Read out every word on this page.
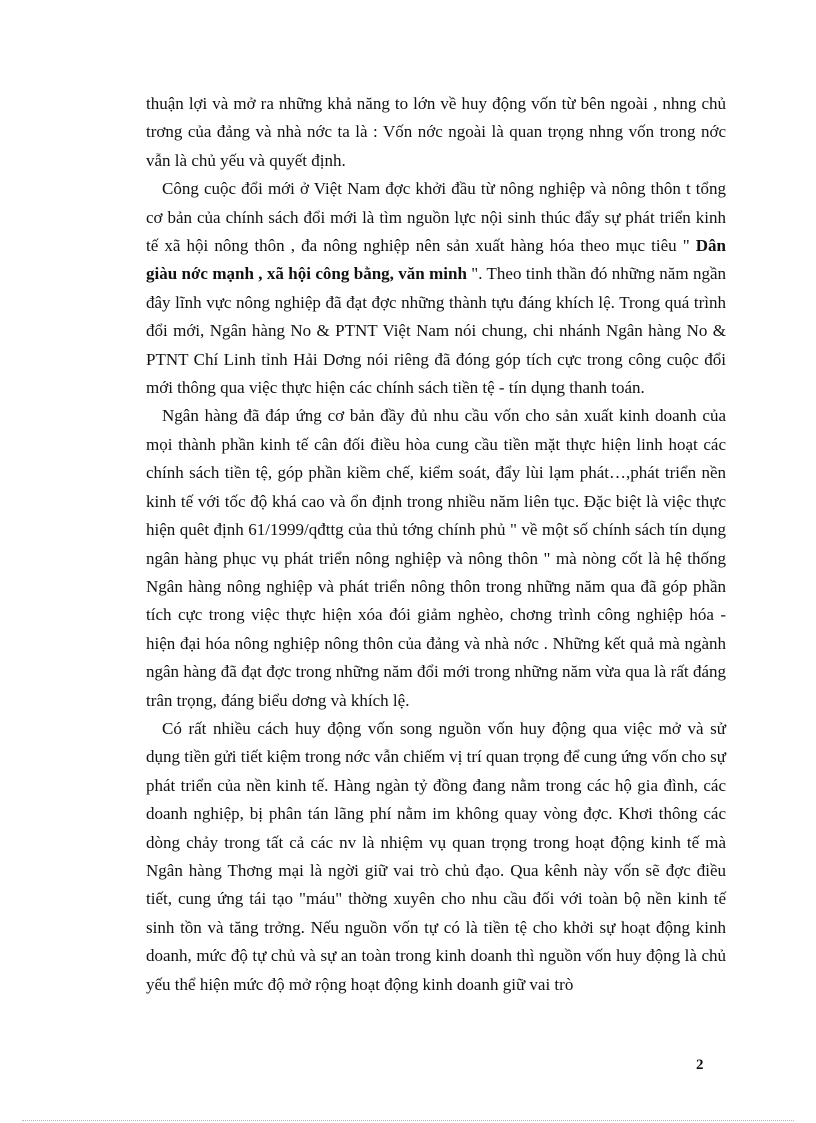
thuận lợi và mở ra những khả năng to lớn về huy động vốn từ bên ngoài , nhng chủ trơng của đảng và nhà nớc ta là : Vốn nớc ngoài là quan trọng nhng vốn trong nớc vẫn là chủ yếu và quyết định.

Công cuộc đổi mới ở Việt Nam đợc khởi đầu từ nông nghiệp và nông thôn t tổng cơ bản của chính sách đổi mới là tìm nguồn lực nội sinh thúc đẩy sự phát triển kinh tế xã hội nông thôn , đa nông nghiệp nên sản xuất hàng hóa theo mục tiêu " Dân giàu nớc mạnh , xã hội công bằng, văn minh ". Theo tinh thần đó những năm ngần đây lĩnh vực nông nghiệp đã đạt đợc những thành tựu đáng khích lệ. Trong quá trình đổi mới, Ngân hàng No & PTNT Việt Nam nói chung, chi nhánh Ngân hàng No & PTNT Chí Linh tỉnh Hải Dơng nói riêng đã đóng góp tích cực trong công cuộc đổi mới thông qua việc thực hiện các chính sách tiền tệ - tín dụng thanh toán.

Ngân hàng đã đáp ứng cơ bản đầy đủ nhu cầu vốn cho sản xuất kinh doanh của mọi thành phần kinh tế cân đối điều hòa cung cầu tiền mặt thực hiện linh hoạt các chính sách tiền tệ, góp phần kiềm chế, kiểm soát, đẩy lùi lạm phát…,phát triển nền kinh tế với tốc độ khá cao và ổn định trong nhiều năm liên tục. Đặc biệt là việc thực hiện quêt định 61/1999/qđttg của thủ tớng chính phủ " về một số chính sách tín dụng ngân hàng phục vụ phát triển nông nghiệp và nông thôn " mà nòng cốt là hệ thống Ngân hàng nông nghiệp và phát triển nông thôn trong những năm qua đã góp phần tích cực trong việc thực hiện xóa đói giảm nghèo, chơng trình công nghiệp hóa - hiện đại hóa nông nghiệp nông thôn của đảng và nhà nớc . Những kết quả mà ngành ngân hàng đã đạt đợc trong những năm đổi mới trong những năm vừa qua là rất đáng trân trọng, đáng biểu dơng và khích lệ.

Có rất nhiều cách huy động vốn song nguồn vốn huy động qua việc mở và sử dụng tiền gửi tiết kiệm trong nớc vẫn chiếm vị trí quan trọng để cung ứng vốn cho sự phát triển của nền kinh tế. Hàng ngàn tỷ đồng đang nằm trong các hộ gia đình, các doanh nghiệp, bị phân tán lãng phí nằm im không quay vòng đợc. Khơi thông các dòng chảy trong tất cả các nv là nhiệm vụ quan trọng trong hoạt động kinh tế mà Ngân hàng Thơng mại là ngời giữ vai trò chủ đạo. Qua kênh này vốn sẽ đợc điều tiết, cung ứng tái tạo "máu" thờng xuyên cho nhu cầu đối với toàn bộ nền kinh tế sinh tồn và tăng trởng. Nếu nguồn vốn tự có là tiền tệ cho khởi sự hoạt động kinh doanh, mức độ tự chủ và sự an toàn trong kinh doanh thì nguồn vốn huy động là chủ yếu thể hiện mức độ mở rộng hoạt động kinh doanh giữ vai trò

2
